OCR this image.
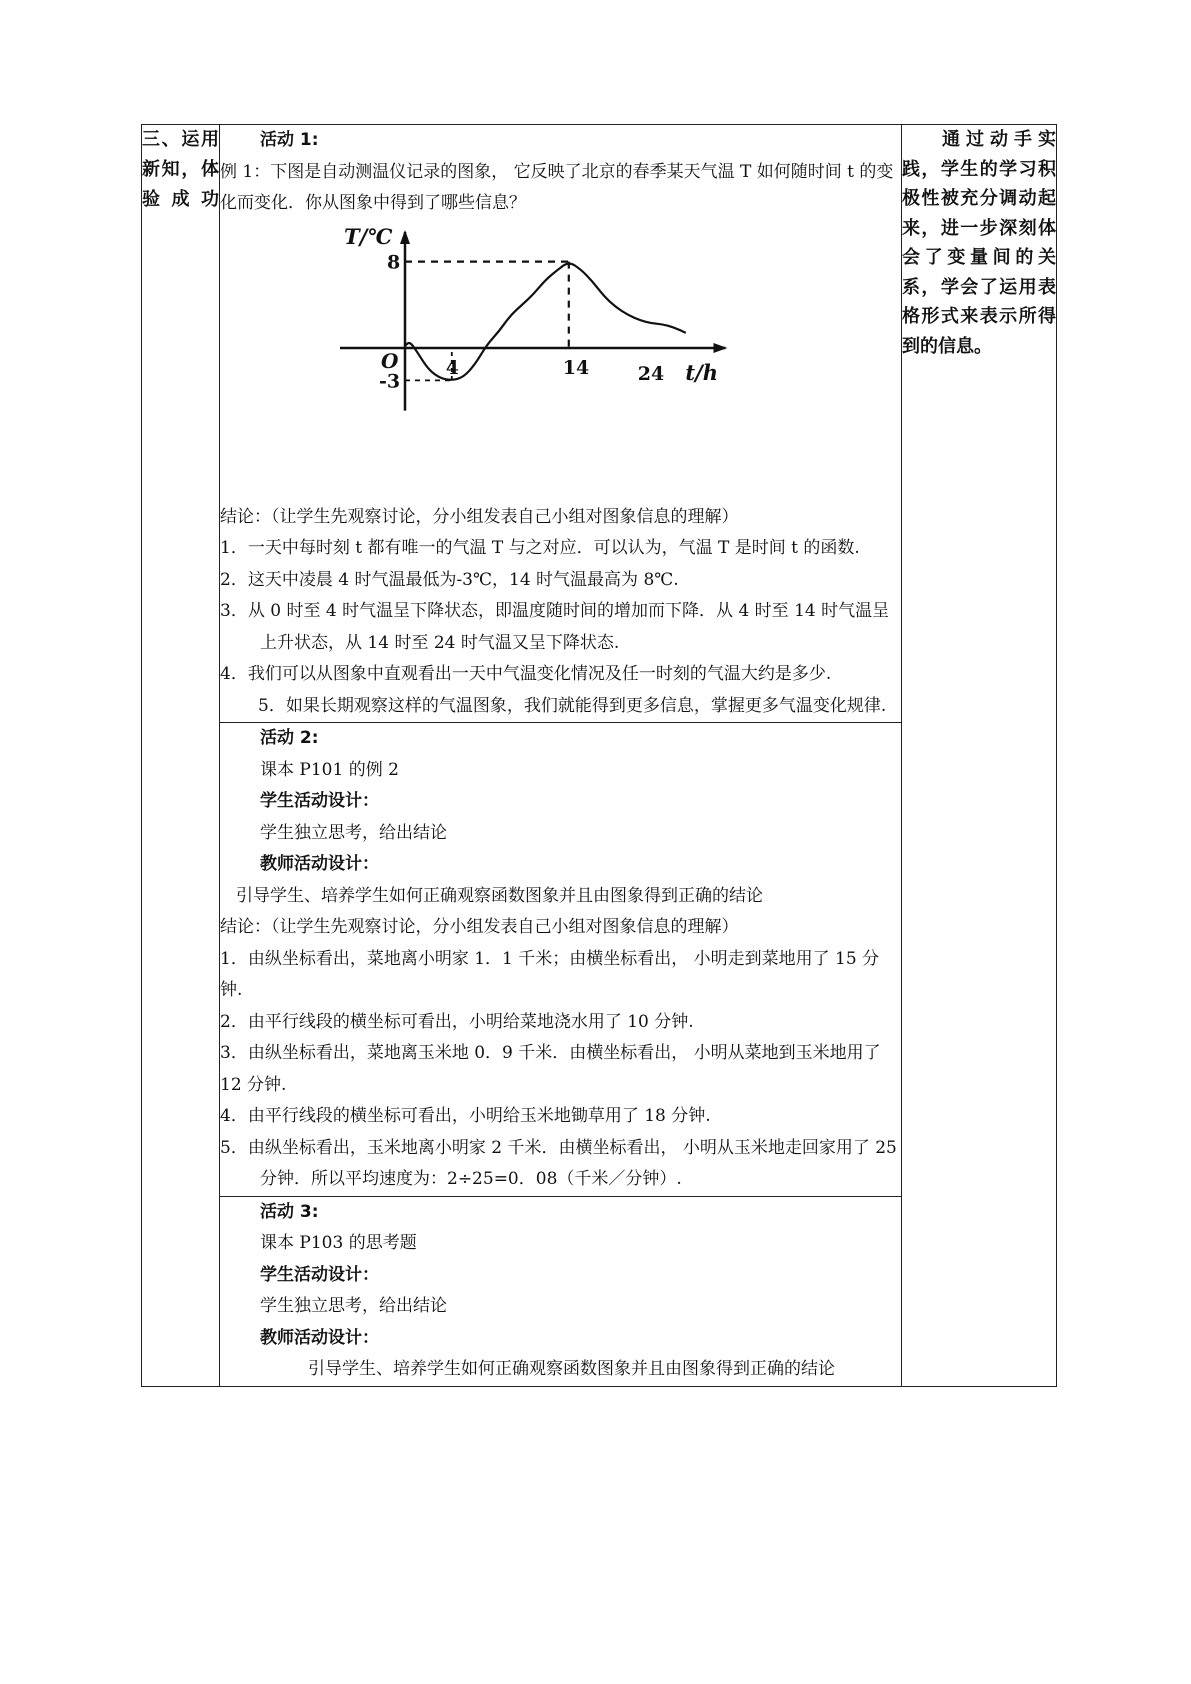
三、运用新知，体验成功

活动 1:

例 1：下图是自动测温仪记录的图象， 它反映了北京的春季某天气温 T 如何随时间 t 的变化而变化．你从图象中得到了哪些信息？

T/℃
t/h
O 4	14	24
8
-3

结论：（让学生先观察讨论，分小组发表自己小组对图象信息的理解）

1．一天中每时刻 t 都有唯一的气温 T 与之对应．可以认为，气温 T 是时间 t 的函数.

2．这天中凌晨 4 时气温最低为-3℃，14 时气温最高为 8℃.

3．从 0 时至 4 时气温呈下降状态，即温度随时间的增加而下降．从 4 时至 14 时气温呈上升状态，从 14 时至 24 时气温又呈下降状态.

4．我们可以从图象中直观看出一天中气温变化情况及任一时刻的气温大约是多少.

5．如果长期观察这样的气温图象，我们就能得到更多信息，掌握更多气温变化规律.

通过动手实践，学生的学习积极性被充分调动起来，进一步深刻体会了变量间的关系，学会了运用表格形式来表示所得到的信息。

活动 2:

课本 P101 的例 2

学生活动设计：

学生独立思考，给出结论

教师活动设计：

引导学生、培养学生如何正确观察函数图象并且由图象得到正确的结论

结论：（让学生先观察讨论，分小组发表自己小组对图象信息的理解）

1．由纵坐标看出，菜地离小明家 1．1 千米；由横坐标看出， 小明走到菜地用了 15 分钟.

2．由平行线段的横坐标可看出，小明给菜地浇水用了 10 分钟.

3．由纵坐标看出，菜地离玉米地 0．9 千米．由横坐标看出， 小明从菜地到玉米地用了 12 分钟.

4．由平行线段的横坐标可看出，小明给玉米地锄草用了 18 分钟.

5．由纵坐标看出，玉米地离小明家 2 千米．由横坐标看出， 小明从玉米地走回家用了 25 分钟．所以平均速度为：2÷25=0．08（千米／分钟）.

活动 3:

课本 P103 的思考题

学生活动设计：

学生独立思考，给出结论

教师活动设计：

引导学生、培养学生如何正确观察函数图象并且由图象得到正确的结论
